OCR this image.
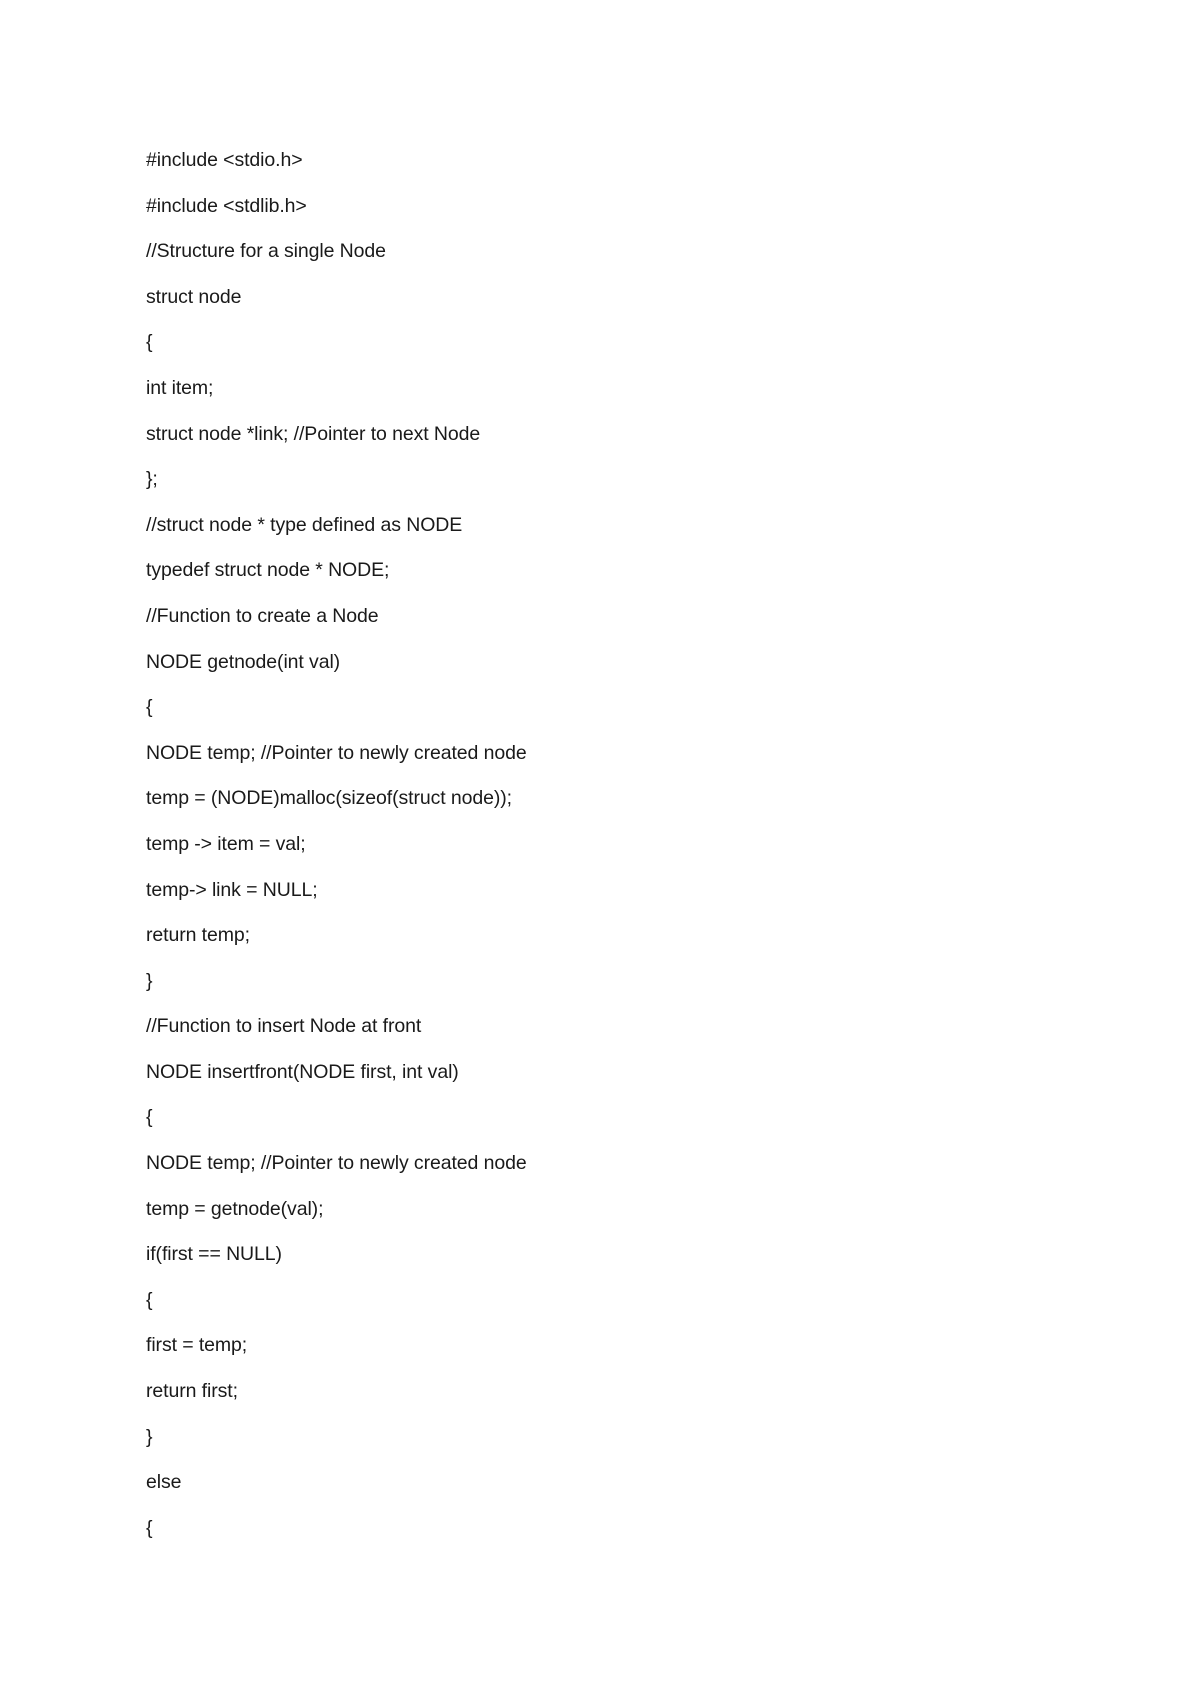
#include <stdio.h>
#include <stdlib.h>
//Structure for a single Node
struct node
{
int item;
struct node *link; //Pointer to next Node
};
//struct node * type defined as NODE
typedef struct node * NODE;
//Function to create a Node
NODE getnode(int val)
{
NODE temp; //Pointer to newly created node
temp = (NODE)malloc(sizeof(struct node));
temp -> item = val;
temp-> link = NULL;
return temp;
}
//Function to insert Node at front
NODE insertfront(NODE first, int val)
{
NODE temp; //Pointer to newly created node
temp = getnode(val);
if(first == NULL)
{
first = temp;
return first;
}
else
{
